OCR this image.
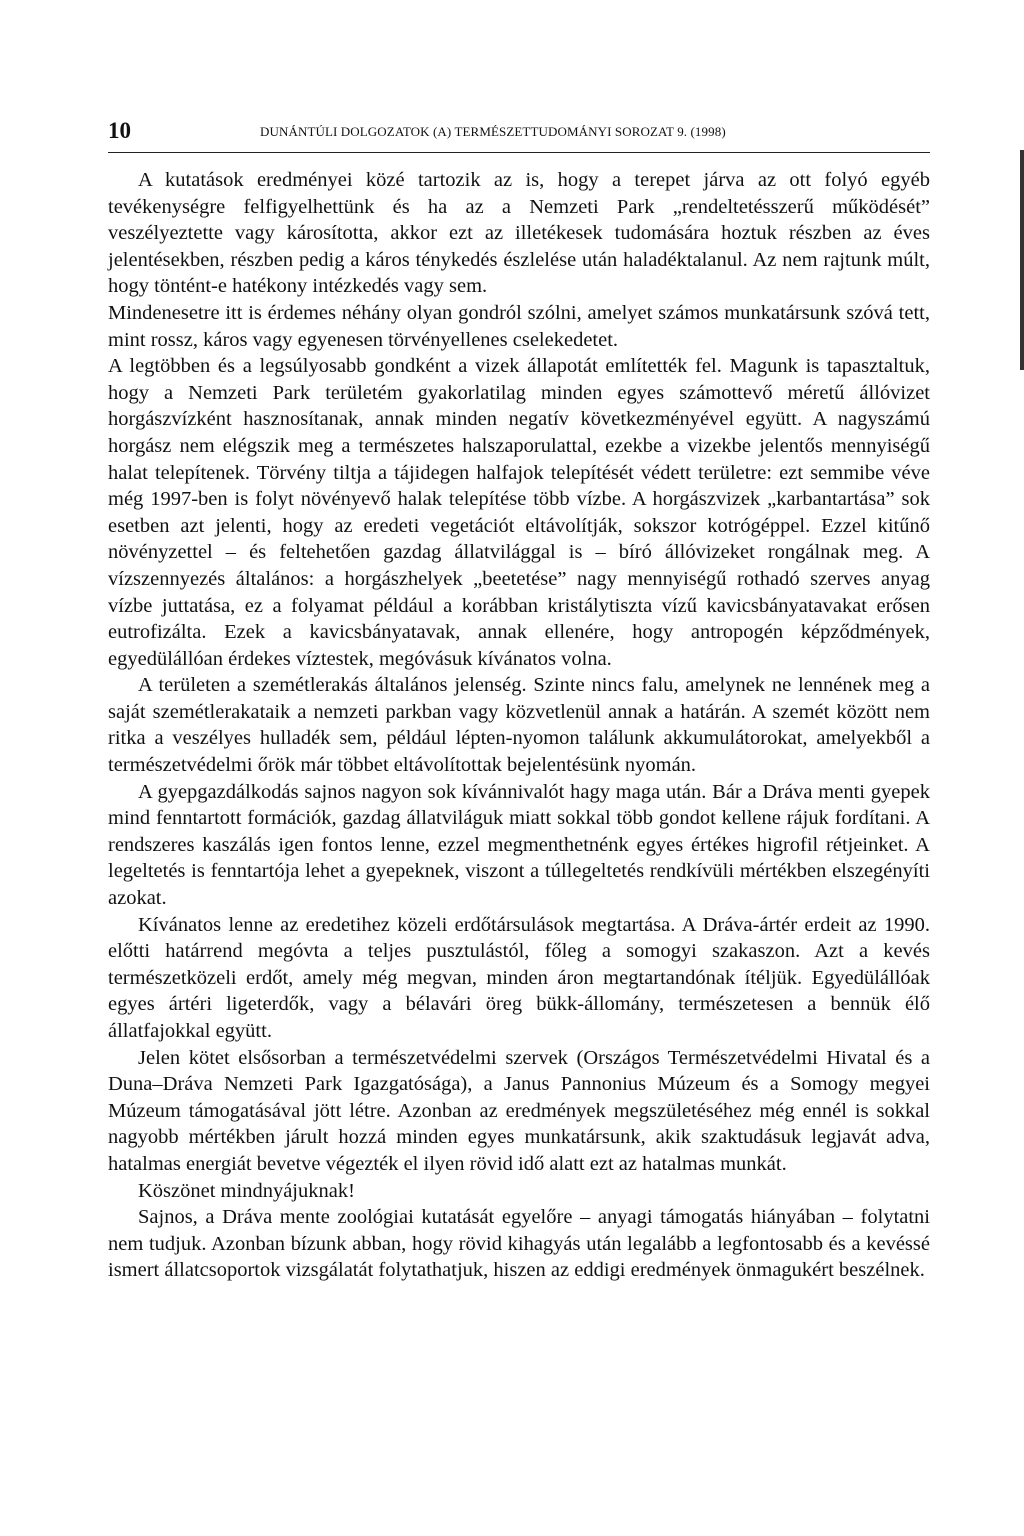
10	DUNÁNTÚLI DOLGOZATOK (A) TERMÉSZETTUDOMÁNYI SOROZAT 9. (1998)

A kutatások eredményei közé tartozik az is, hogy a terepet járva az ott folyó egyéb tevékenységre felfigyelhettünk és ha az a Nemzeti Park „rendeltetésszerű működését” veszélyeztette vagy károsította, akkor ezt az illetékesek tudomására hoztuk részben az éves jelentésekben, részben pedig a káros ténykedés észlelése után haladéktalanul. Az nem rajtunk múlt, hogy töntént-e hatékony intézkedés vagy sem.

Mindenesetre itt is érdemes néhány olyan gondról szólni, amelyet számos munkatársunk szóvá tett, mint rossz, káros vagy egyenesen törvényellenes cselekedetet.

A legtöbben és a legsúlyosabb gondként a vizek állapotát említették fel. Magunk is tapasztaltuk, hogy a Nemzeti Park területém gyakorlatilag minden egyes számottevő méretű állóvizet horgászvízként hasznosítanak, annak minden negatív következményével együtt. A nagyszámú horgász nem elégszik meg a természetes halszaporulattal, ezekbe a vizekbe jelentős mennyiségű halat telepítenek. Törvény tiltja a tájidegen halfajok telepítését védett területre: ezt semmibe véve még 1997-ben is folyt növényevő halak telepítése több vízbe. A horgászvizek „karbantartása” sok esetben azt jelenti, hogy az eredeti vegetációt eltávolítják, sokszor kotrógéppel. Ezzel kitűnő növényzettel – és feltehetően gazdag állatvilággal is – bíró állóvizeket rongálnak meg. A vízszennyezés általános: a horgászhelyek „beetetése” nagy mennyiségű rothadó szerves anyag vízbe juttatása, ez a folyamat például a korábban kristálytiszta vízű kavicsbányatavakat erősen eutrofizálta. Ezek a kavicsbányatavak, annak ellenére, hogy antropogén képződmények, egyedülállóan érdekes víztestek, megóvásuk kívánatos volna.

A területen a szemétlerakás általános jelenség. Szinte nincs falu, amelynek ne lennének meg a saját szemétlerakataik a nemzeti parkban vagy közvetlenül annak a határán. A szemét között nem ritka a veszélyes hulladék sem, például lépten-nyomon találunk akkumulátorokat, amelyekből a természetvédelmi őrök már többet eltávolítottak bejelentésünk nyomán.

A gyepgazdálkodás sajnos nagyon sok kívánnivalót hagy maga után. Bár a Dráva menti gyepek mind fenntartott formációk, gazdag állatviláguk miatt sokkal több gondot kellene rájuk fordítani. A rendszeres kaszálás igen fontos lenne, ezzel megmenthetnénk egyes értékes higrofil rétjeinket. A legeltetés is fenntartója lehet a gyepeknek, viszont a túllegeltetés rendkívüli mértékben elszegényíti azokat.

Kívánatos lenne az eredetihez közeli erdőtársulások megtartása. A Dráva-ártér erdeit az 1990. előtti határrend megóvta a teljes pusztulástól, főleg a somogyi szakaszon. Azt a kevés természetközeli erdőt, amely még megvan, minden áron megtartandónak ítéljük. Egyedülállóak egyes ártéri ligeterdők, vagy a bélavári öreg bükk-állomány, természetesen a bennük élő állatfajokkal együtt.

Jelen kötet elsősorban a természetvédelmi szervek (Országos Természetvédelmi Hivatal és a Duna–Dráva Nemzeti Park Igazgatósága), a Janus Pannonius Múzeum és a Somogy megyei Múzeum támogatásával jött létre. Azonban az eredmények megszületéséhez még ennél is sokkal nagyobb mértékben járult hozzá minden egyes munkatársunk, akik szaktudásuk legjavát adva, hatalmas energiát bevetve végezték el ilyen rövid idő alatt ezt az hatalmas munkát.

Köszönet mindnyájuknak!

Sajnos, a Dráva mente zoológiai kutatását egyelőre – anyagi támogatás hiányában – folytatni nem tudjuk. Azonban bízunk abban, hogy rövid kihagyás után legalább a legfontosabb és a kevéssé ismert állatcsoportok vizsgálatát folytathatjuk, hiszen az eddigi eredmények önmagukért beszélnek.
